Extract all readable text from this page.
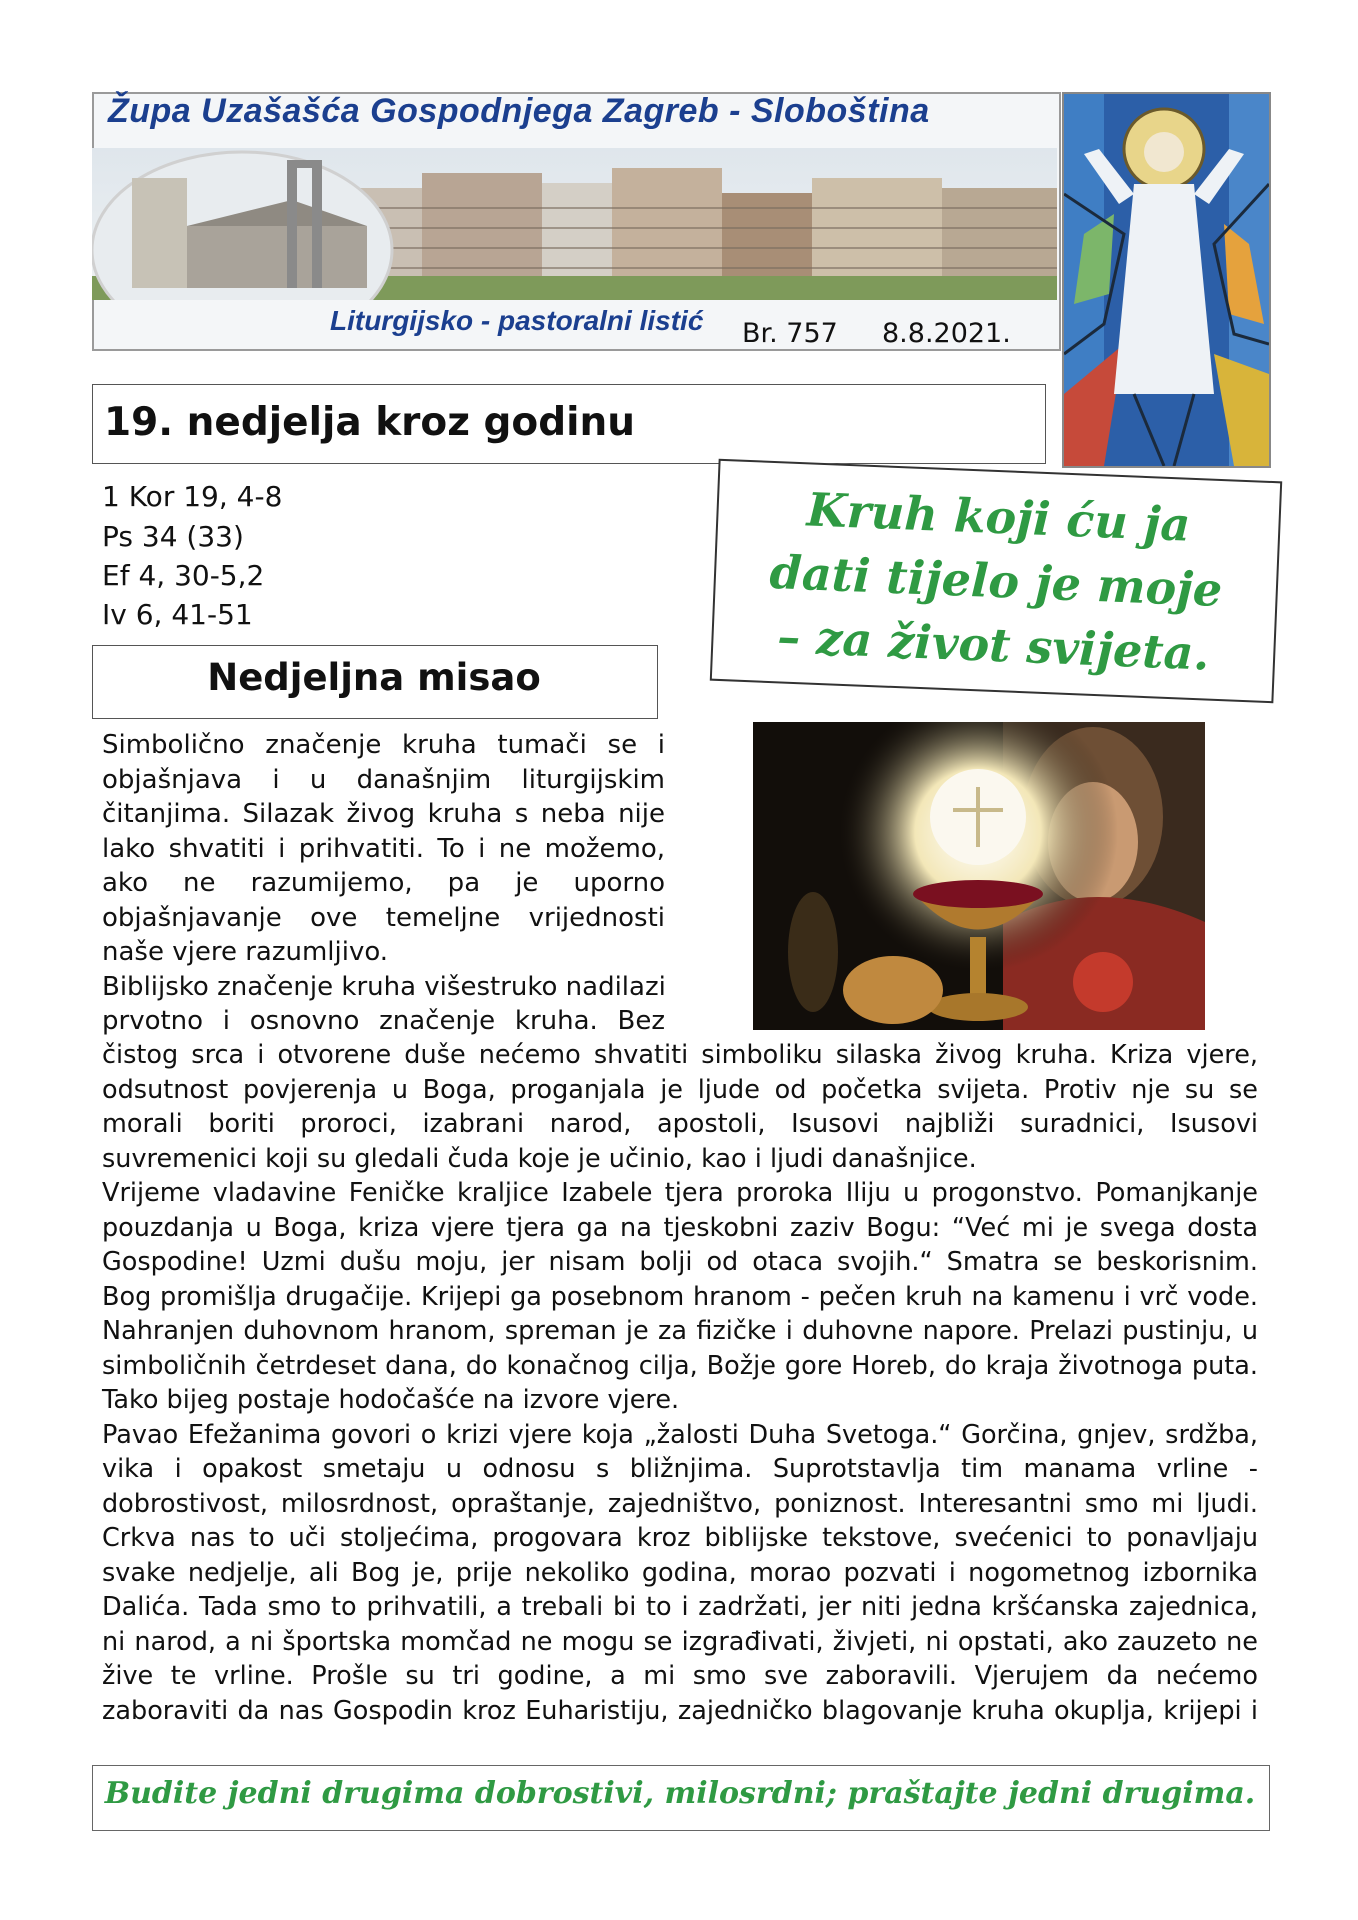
Župa Uzašašća Gospodnjega Zagreb - Sloboština
Liturgijsko - pastoralni listić Br. 757 8.8.2021.
19. nedjelja kroz godinu
1 Kor 19, 4-8
Ps 34 (33)
Ef 4, 30-5,2
Iv 6, 41-51
Kruh koji ću ja
dati tijelo je moje
– za život svijeta.
Nedjeljna misao
Simbolično značenje kruha tumači se i
objašnjava i u današnjim liturgijskim
čitanjima. Silazak živog kruha s neba nije
lako shvatiti i prihvatiti. To i ne možemo,
ako ne razumijemo, pa je uporno
objašnjavanje ove temeljne vrijednosti
naše vjere razumljivo.
Biblijsko značenje kruha višestruko nadilazi
prvotno i osnovno značenje kruha. Bez
čistog srca i otvorene duše nećemo shvatiti simboliku silaska živog kruha. Kriza vjere,
odsutnost povjerenja u Boga, proganjala je ljude od početka svijeta. Protiv nje su se
morali boriti proroci, izabrani narod, apostoli, Isusovi najbliži suradnici, Isusovi
suvremenici koji su gledali čuda koje je učinio, kao i ljudi današnjice.
Vrijeme vladavine Feničke kraljice Izabele tjera proroka Iliju u progonstvo. Pomanjkanje
pouzdanja u Boga, kriza vjere tjera ga na tjeskobni zaziv Bogu: “Već mi je svega dosta
Gospodine! Uzmi dušu moju, jer nisam bolji od otaca svojih.“ Smatra se beskorisnim.
Bog promišlja drugačije. Krijepi ga posebnom hranom - pečen kruh na kamenu i vrč vode.
Nahranjen duhovnom hranom, spreman je za fizičke i duhovne napore. Prelazi pustinju, u
simboličnih četrdeset dana, do konačnog cilja, Božje gore Horeb, do kraja životnoga puta.
Tako bijeg postaje hodočašće na izvore vjere.
Pavao Efežanima govori o krizi vjere koja „žalosti Duha Svetoga.“ Gorčina, gnjev, srdžba,
vika i opakost smetaju u odnosu s bližnjima. Suprotstavlja tim manama vrline -
dobrostivost, milosrdnost, opraštanje, zajedništvo, poniznost. Interesantni smo mi ljudi.
Crkva nas to uči stoljećima, progovara kroz biblijske tekstove, svećenici to ponavljaju
svake nedjelje, ali Bog je, prije nekoliko godina, morao pozvati i nogometnog izbornika
Dalića. Tada smo to prihvatili, a trebali bi to i zadržati, jer niti jedna kršćanska zajednica,
ni narod, a ni športska momčad ne mogu se izgrađivati, živjeti, ni opstati, ako zauzeto ne
žive te vrline. Prošle su tri godine, a mi smo sve zaboravili. Vjerujem da nećemo
zaboraviti da nas Gospodin kroz Euharistiju, zajedničko blagovanje kruha okuplja, krijepi i
Budite jedni drugima dobrostivi, milosrdni; praštajte jedni drugima.
